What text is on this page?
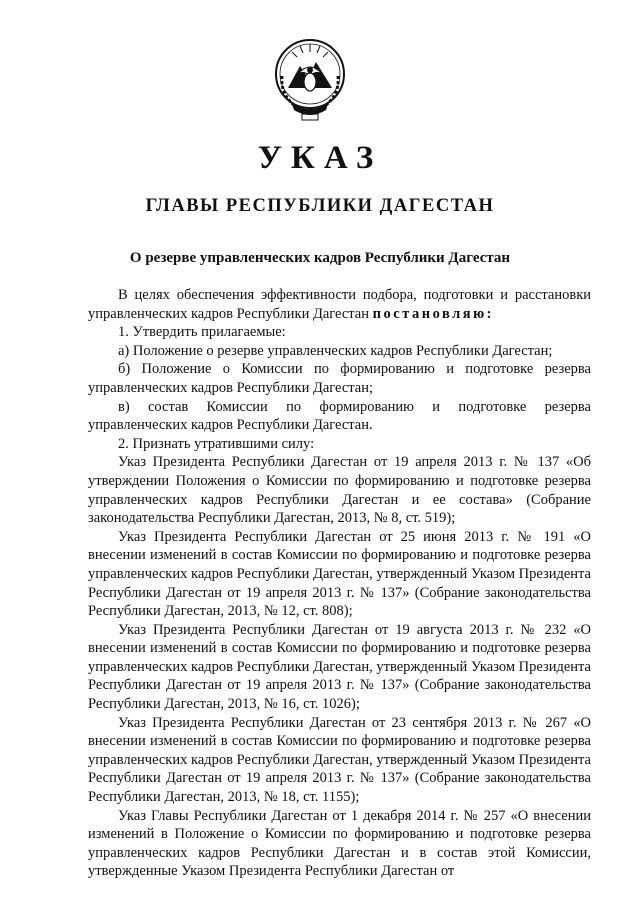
УКАЗ
ГЛАВЫ РЕСПУБЛИКИ ДАГЕСТАН
О резерве управленческих кадров Республики Дагестан

В целях обеспечения эффективности подбора, подготовки и расстановки управленческих кадров Республики Дагестан постановляю:

1. Утвердить прилагаемые:

а) Положение о резерве управленческих кадров Республики Дагестан;

б) Положение о Комиссии по формированию и подготовке резерва управленческих кадров Республики Дагестан;

в) состав Комиссии по формированию и подготовке резерва управленческих кадров Республики Дагестан.

2. Признать утратившими силу:

Указ Президента Республики Дагестан от 19 апреля 2013 г. № 137 «Об утверждении Положения о Комиссии по формированию и подготовке резерва управленческих кадров Республики Дагестан и ее состава» (Собрание законодательства Республики Дагестан, 2013, № 8, ст. 519);

Указ Президента Республики Дагестан от 25 июня 2013 г. № 191 «О внесении изменений в состав Комиссии по формированию и подготовке резерва управленческих кадров Республики Дагестан, утвержденный Указом Президента Республики Дагестан от 19 апреля 2013 г. № 137» (Собрание законодательства Республики Дагестан, 2013, № 12, ст. 808);

Указ Президента Республики Дагестан от 19 августа 2013 г. № 232 «О внесении изменений в состав Комиссии по формированию и подготовке резерва управленческих кадров Республики Дагестан, утвержденный Указом Президента Республики Дагестан от 19 апреля 2013 г. № 137» (Собрание законодательства Республики Дагестан, 2013, № 16, ст. 1026);

Указ Президента Республики Дагестан от 23 сентября 2013 г. № 267 «О внесении изменений в состав Комиссии по формированию и подготовке резерва управленческих кадров Республики Дагестан, утвержденный Указом Президента Республики Дагестан от 19 апреля 2013 г. № 137» (Собрание законодательства Республики Дагестан, 2013, № 18, ст. 1155);

Указ Главы Республики Дагестан от 1 декабря 2014 г. № 257 «О внесении изменений в Положение о Комиссии по формированию и подготовке резерва управленческих кадров Республики Дагестан и в состав этой Комиссии, утвержденные Указом Президента Республики Дагестан от
